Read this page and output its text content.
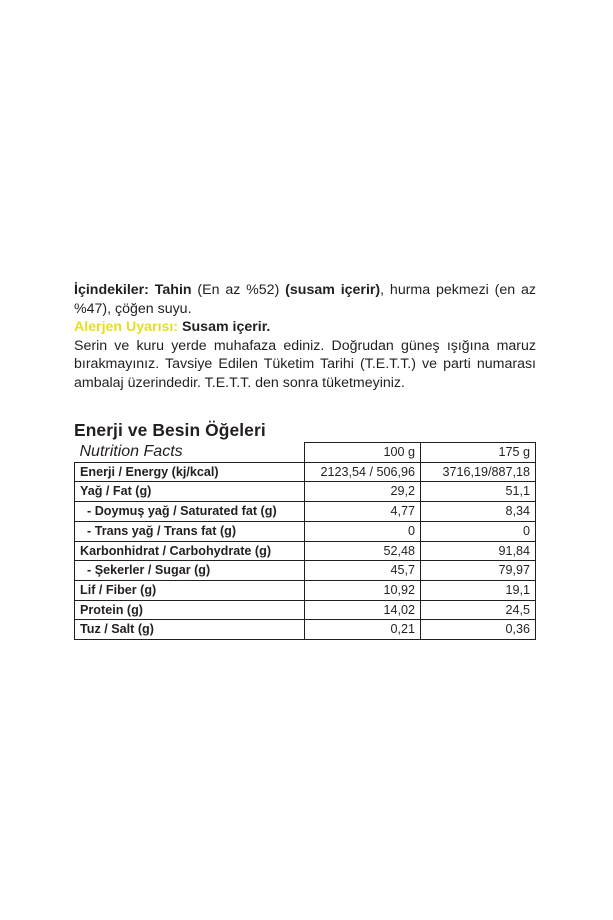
İçindekiler: Tahin (En az %52) (susam içerir), hurma pekmezi (en az %47), çöğen suyu.

Alerjen Uyarısı: Susam içerir.

Serin ve kuru yerde muhafaza ediniz. Doğrudan güneş ışığına maruz bırakmayınız. Tavsiye Edilen Tüketim Tarihi (T.E.T.T.) ve parti numarası ambalaj üzerindedir. T.E.T.T. den sonra tüketmeyiniz.

Enerji ve Besin Öğeleri
Nutrition Facts	100 g	175 g
Enerji / Energy (kj/kcal)	2123,54 / 506,96	3716,19/887,18
Yağ / Fat (g)	29,2	51,1
- Doymuş yağ / Saturated fat (g)	4,77	8,34
- Trans yağ / Trans fat (g)	0	0
Karbonhidrat / Carbohydrate (g)	52,48	91,84
- Şekerler / Sugar (g)	45,7	79,97
Lif / Fiber (g)	10,92	19,1
Protein (g)	14,02	24,5
Tuz / Salt (g)	0,21	0,36
